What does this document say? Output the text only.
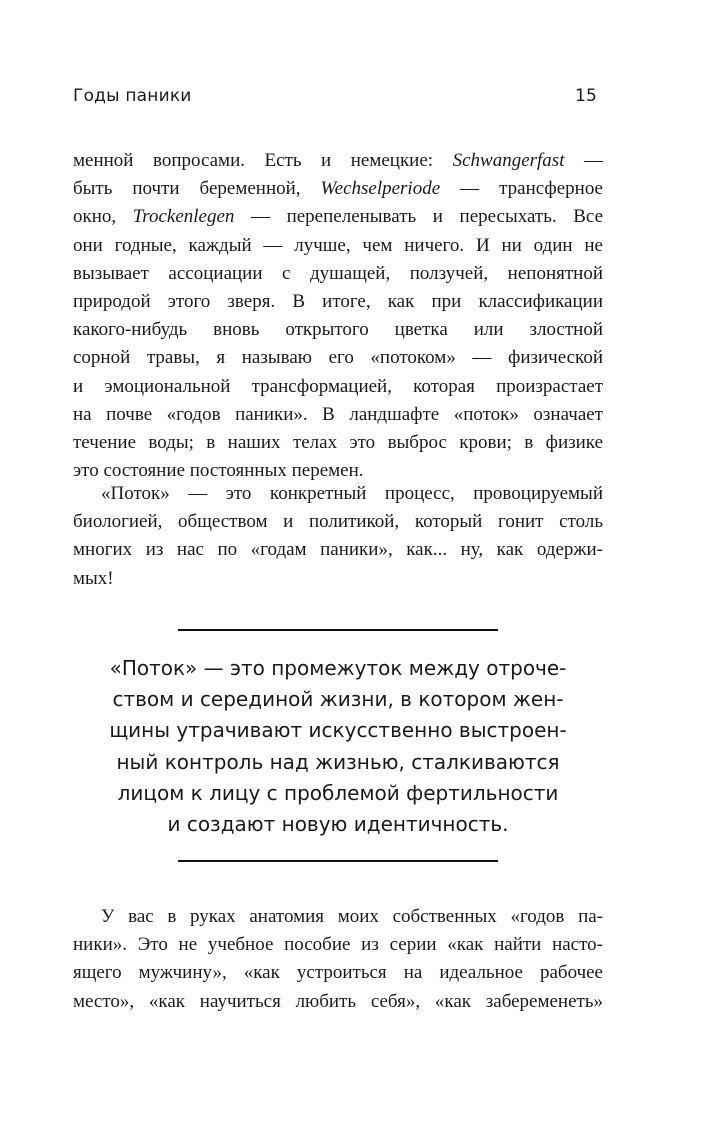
Годы паники	15
менной вопросами. Есть и немецкие: Schwangerfast —
быть почти беременной, Wechselperiode — трансферное
окно, Trockenlegen — перепеленывать и пересыхать. Все
они годные, каждый — лучше, чем ничего. И ни один не
вызывает ассоциации с душащей, ползучей, непонятной
природой этого зверя. В итоге, как при классификации
какого-нибудь вновь открытого цветка или злостной
сорной травы, я называю его «потоком» — физической
и эмоциональной трансформацией, которая произрастает
на почве «годов паники». В ландшафте «поток» означает
течение воды; в наших телах это выброс крови; в физике
это состояние постоянных перемен.
«Поток» — это конкретный процесс, провоцируемый
биологией, обществом и политикой, который гонит столь
многих из нас по «годам паники», как... ну, как одержи-
мых!
«Поток» — это промежуток между отроче-
ством и серединой жизни, в котором жен-
щины утрачивают искусственно выстроен-
ный контроль над жизнью, сталкиваются
лицом к лицу с проблемой фертильности
и создают новую идентичность.
У вас в руках анатомия моих собственных «годов па-
ники». Это не учебное пособие из серии «как найти насто-
ящего мужчину», «как устроиться на идеальное рабочее
место», «как научиться любить себя», «как забеременеть»
